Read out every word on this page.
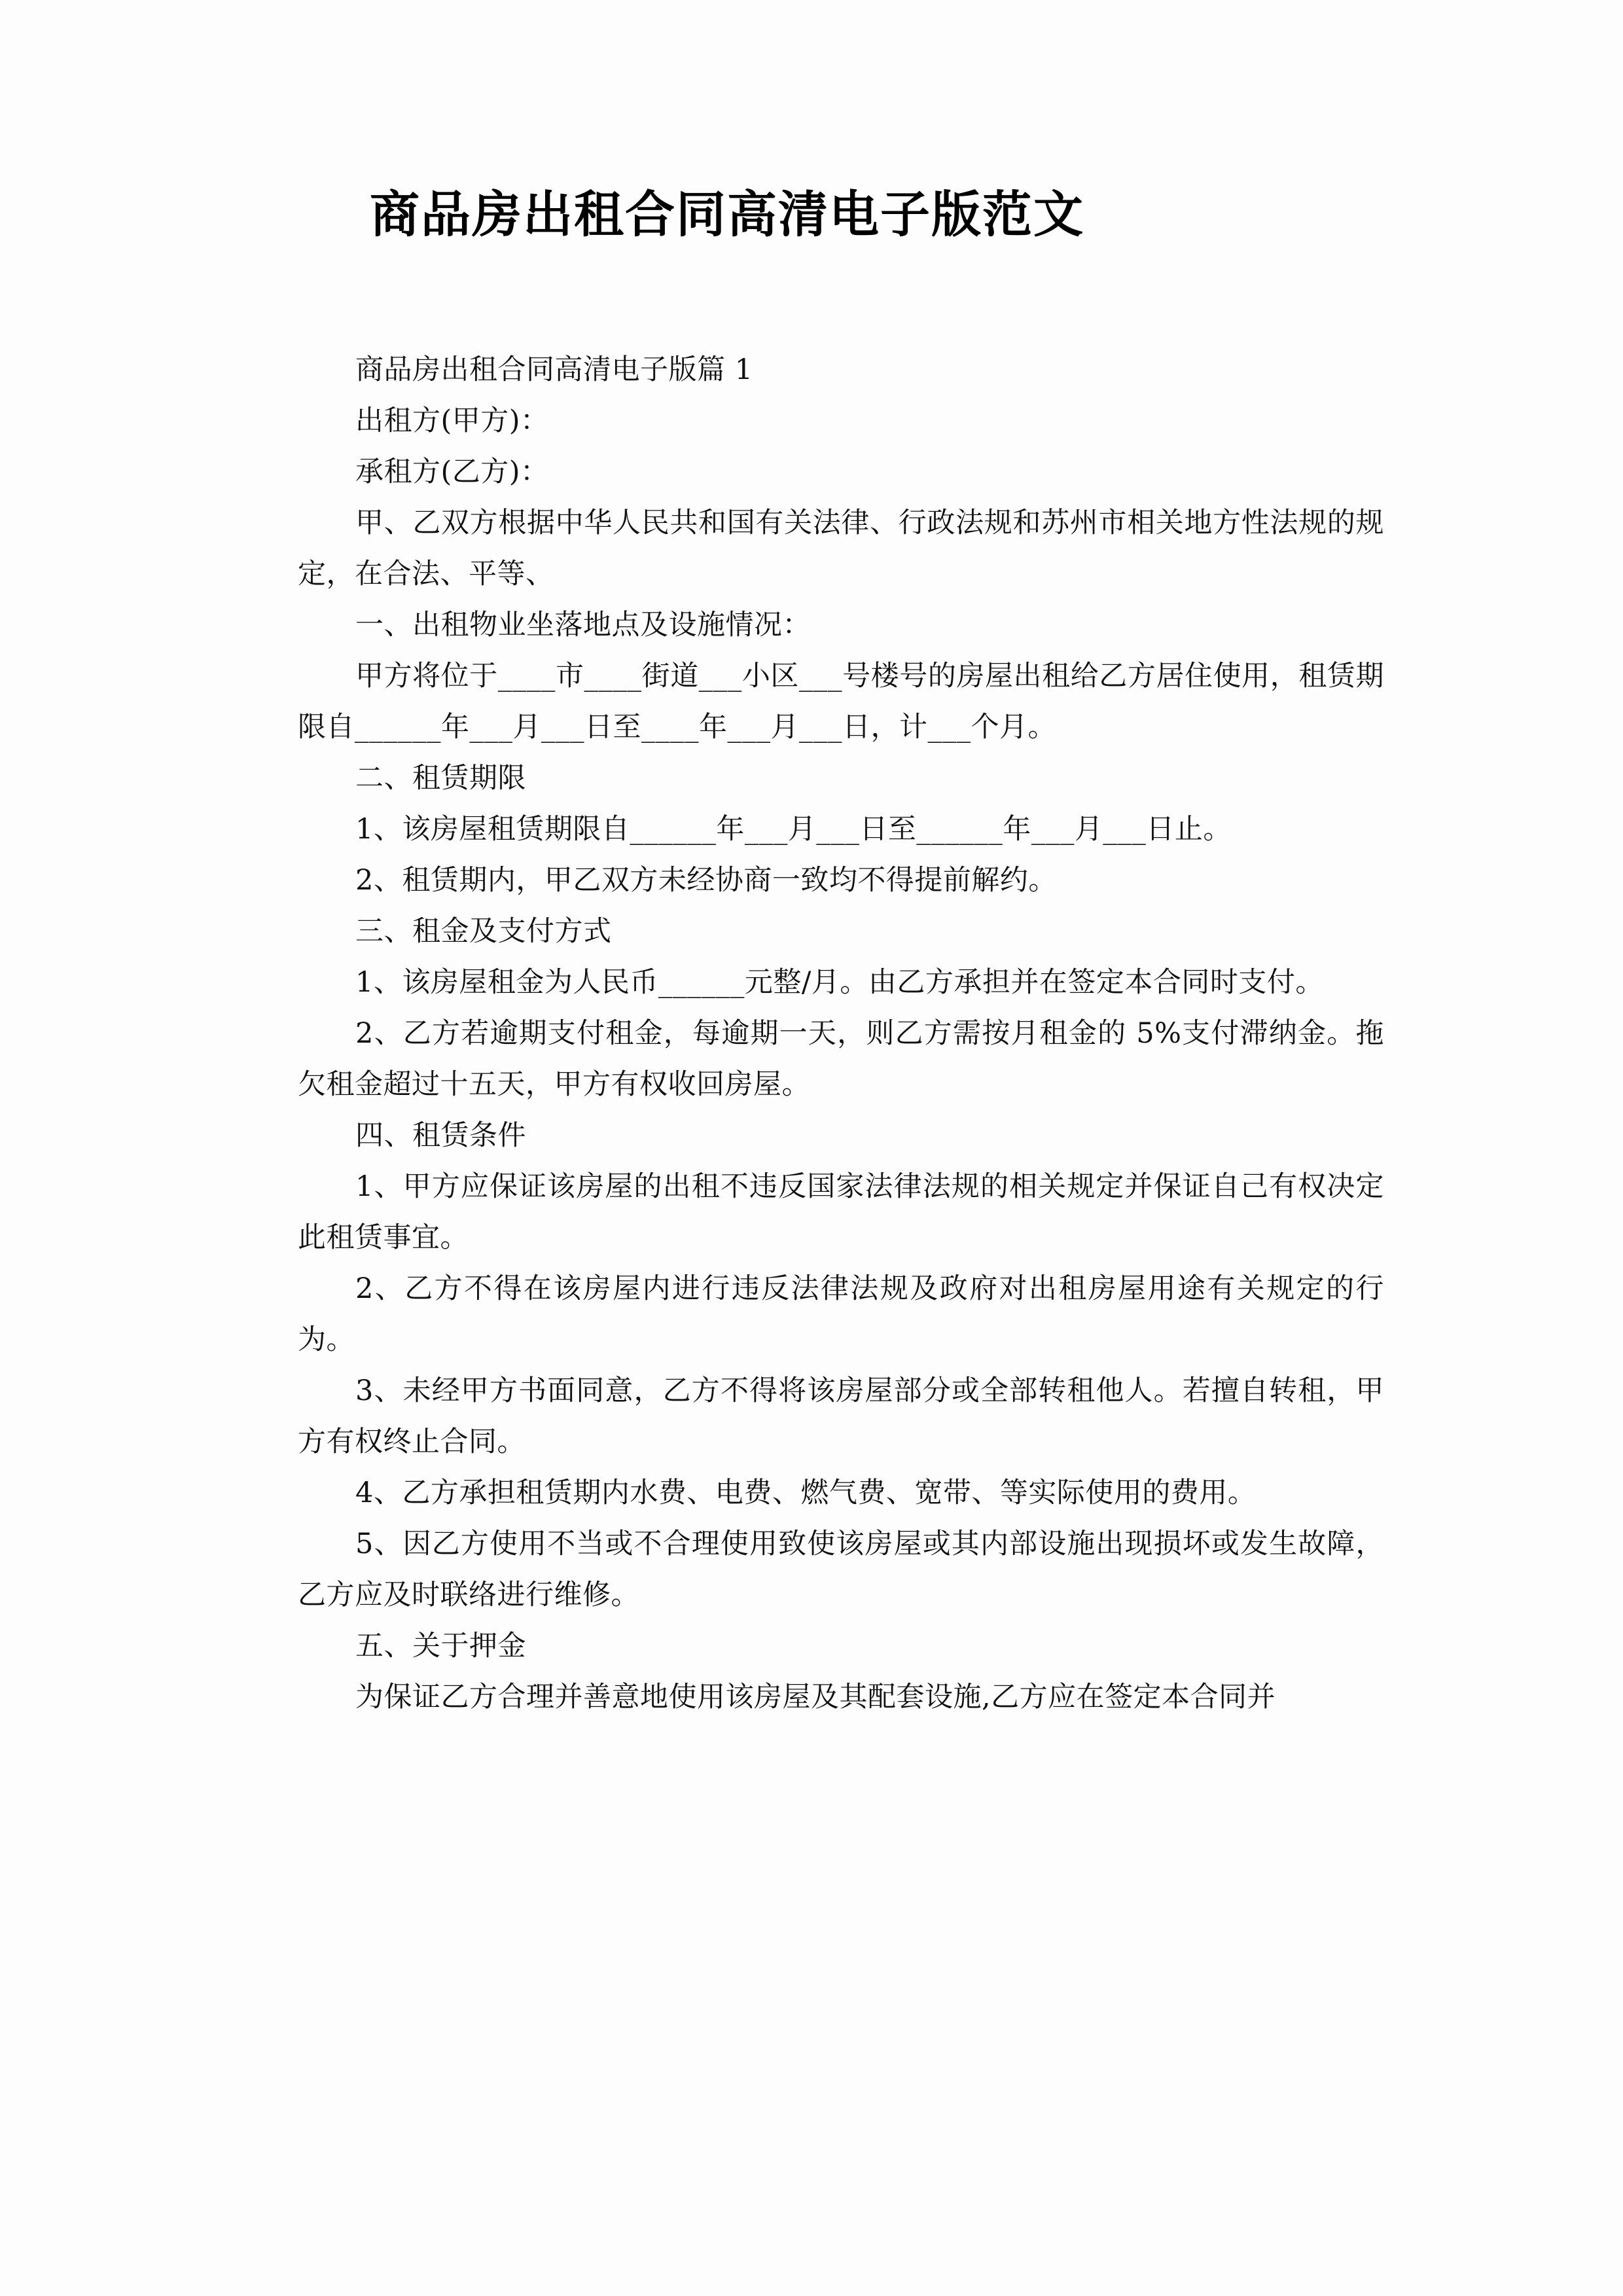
商品房出租合同高清电子版范文

商品房出租合同高清电子版篇 1

出租方(甲方)：

承租方(乙方)：

甲、乙双方根据中华人民共和国有关法律、行政法规和苏州市相关地方性法规的规定，在合法、平等、

一、出租物业坐落地点及设施情况：

甲方将位于____市____街道___小区___号楼号的房屋出租给乙方居住使用，租赁期限自______年___月___日至____年___月___日，计___个月。

二、租赁期限

1、该房屋租赁期限自______年___月___日至______年___月___日止。

2、租赁期内，甲乙双方未经协商一致均不得提前解约。

三、租金及支付方式

1、该房屋租金为人民币______元整/月。由乙方承担并在签定本合同时支付。

2、乙方若逾期支付租金，每逾期一天，则乙方需按月租金的 5%支付滞纳金。拖欠租金超过十五天，甲方有权收回房屋。

四、租赁条件

1、甲方应保证该房屋的出租不违反国家法律法规的相关规定并保证自己有权决定此租赁事宜。

2、乙方不得在该房屋内进行违反法律法规及政府对出租房屋用途有关规定的行为。

3、未经甲方书面同意，乙方不得将该房屋部分或全部转租他人。若擅自转租，甲方有权终止合同。

4、乙方承担租赁期内水费、电费、燃气费、宽带、等实际使用的费用。

5、因乙方使用不当或不合理使用致使该房屋或其内部设施出现损坏或发生故障，乙方应及时联络进行维修。

五、关于押金

为保证乙方合理并善意地使用该房屋及其配套设施,乙方应在签定本合同并
